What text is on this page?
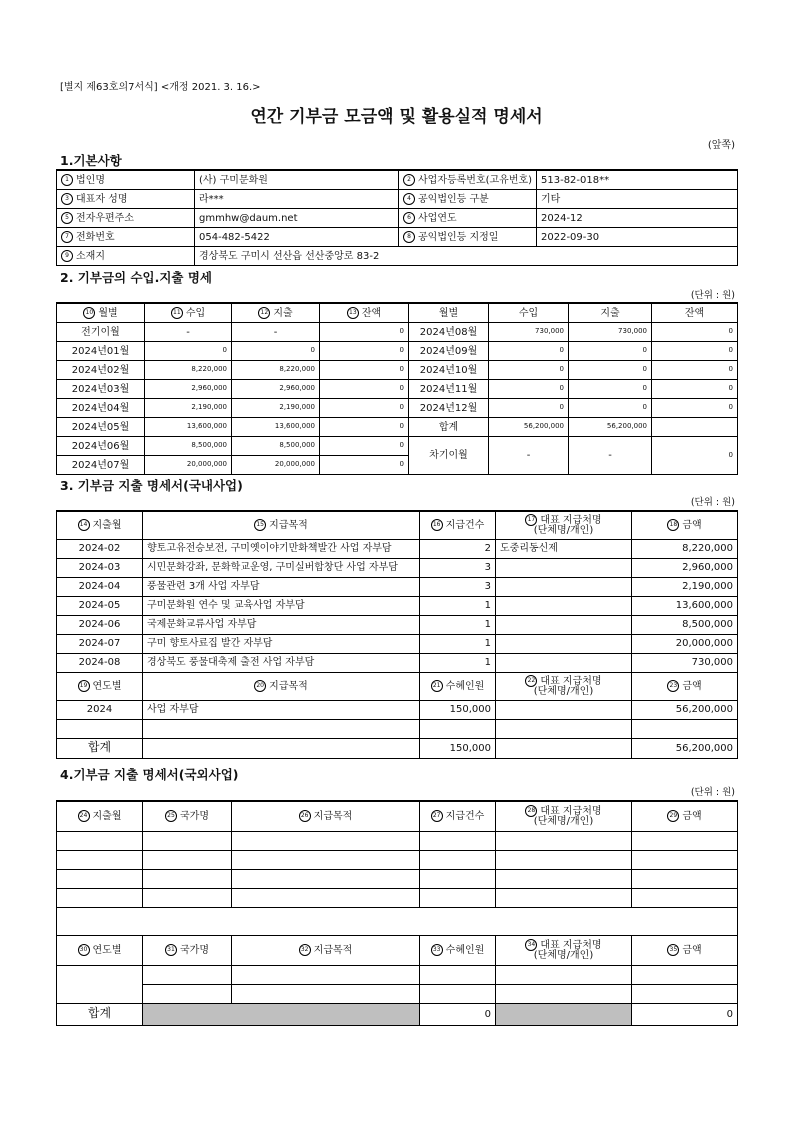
[별지 제63호의7서식] <개정 2021. 3. 16.>
연간 기부금 모금액 및 활용실적 명세서
(앞쪽)
1.기본사항
1 법인명	(사) 구미문화원	2 사업자등록번호(고유번호)	513-82-018**
3 대표자 성명	라***	4 공익법인등 구분	기타
5 전자우편주소	gmmhw@daum.net	6 사업연도	2024-12
7 전화번호	054-482-5422	8 공익법인등 지정일	2022-09-30
9 소재지	경상북도 구미시 선산읍 선산중앙로 83-2		
2. 기부금의 수입.지출 명세
(단위 : 원)
10 월별	11 수입	12 지출	13 잔액	월별	수입	지출	잔액
전기이월	-	-	0	2024년08월	730,000	730,000	0
2024년01월	0	0	0	2024년09월	0	0	0
2024년02월	8,220,000	8,220,000	0	2024년10월	0	0	0
2024년03월	2,960,000	2,960,000	0	2024년11월	0	0	0
2024년04월	2,190,000	2,190,000	0	2024년12월	0	0	0
2024년05월	13,600,000	13,600,000	0	합계	56,200,000	56,200,000	
2024년06월	8,500,000	8,500,000	0	차기이월	-	-	0
2024년07월	20,000,000	20,000,000	0				
3. 기부금 지출 명세서(국내사업)
(단위 : 원)
14 지출월	15 지급목적	16 지급건수	17 대표 지급처명
(단체명/개인)	18 금액
2024-02	향토고유전승보전, 구미옛이야기만화책발간 사업 자부담	2	도중리동신제	8,220,000
2024-03	시민문화강좌, 문화학교운영, 구미실버합창단 사업 자부담	3		2,960,000
2024-04	풍물관련 3개 사업 자부담	3		2,190,000
2024-05	구미문화원 연수 및 교육사업 자부담	1		13,600,000
2024-06	국제문화교류사업 자부담	1		8,500,000
2024-07	구미 향토사료집 발간 자부담	1		20,000,000
2024-08	경상북도 풍물대축제 출전 사업 자부담	1		730,000
19 연도별	20 지급목적	21 수혜인원	22 대표 지급처명
(단체명/개인)	23 금액
2024	사업 자부담	150,000		56,200,000

합계		150,000		56,200,000
4.기부금 지출 명세서(국외사업)
(단위 : 원)
24 지출월	25 국가명	26 지급목적	27 지급건수	28 대표 지급처명
(단체명/개인)	29 금액

30 연도별	31 국가명	32 지급목적	33 수혜인원	34 대표 지급처명
(단체명/개인)	35 금액

합계			0		0
